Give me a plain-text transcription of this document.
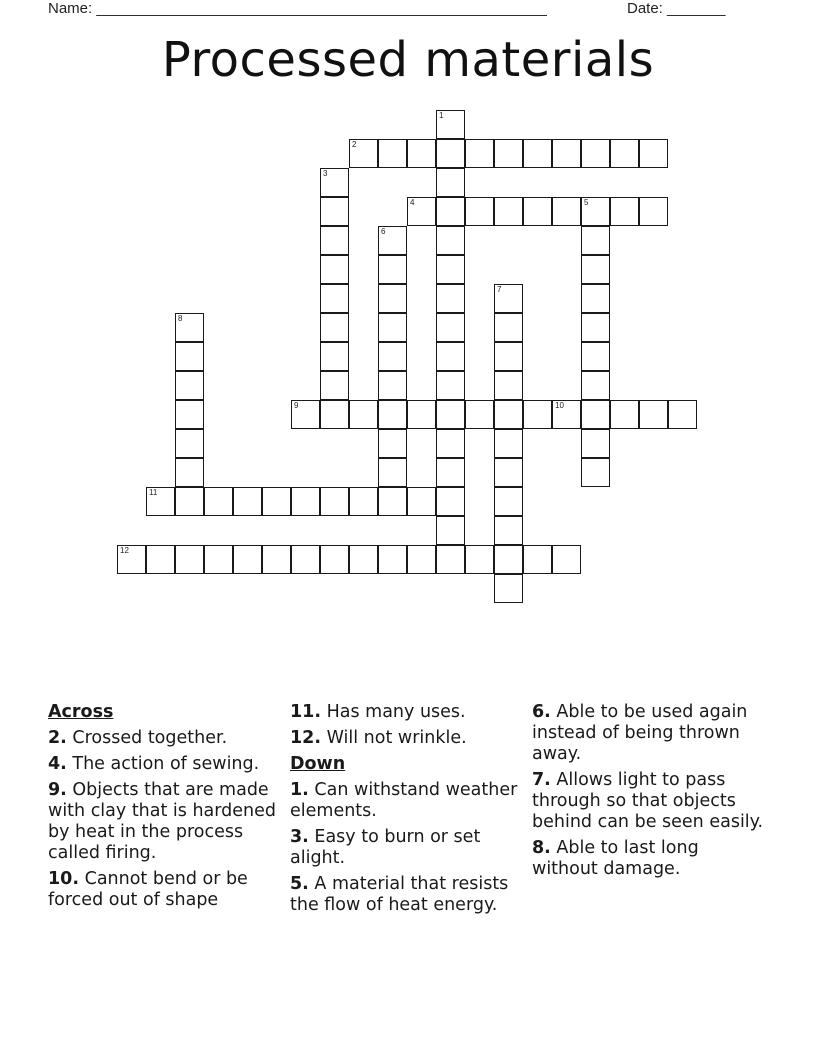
Name: ______________________________________________________	Date: _______
Processed materials
1
2
3
4	5
6
7
8
9	10
11
12
Across
2. Crossed together.
4. The action of sewing.
9. Objects that are made with clay that is hardened by heat in the process called firing.
10. Cannot bend or be forced out of shape
11. Has many uses.
12. Will not wrinkle.
Down
1. Can withstand weather elements.
3. Easy to burn or set alight.
5. A material that resists the flow of heat energy.
6. Able to be used again instead of being thrown away.
7. Allows light to pass through so that objects behind can be seen easily.
8. Able to last long without damage.
